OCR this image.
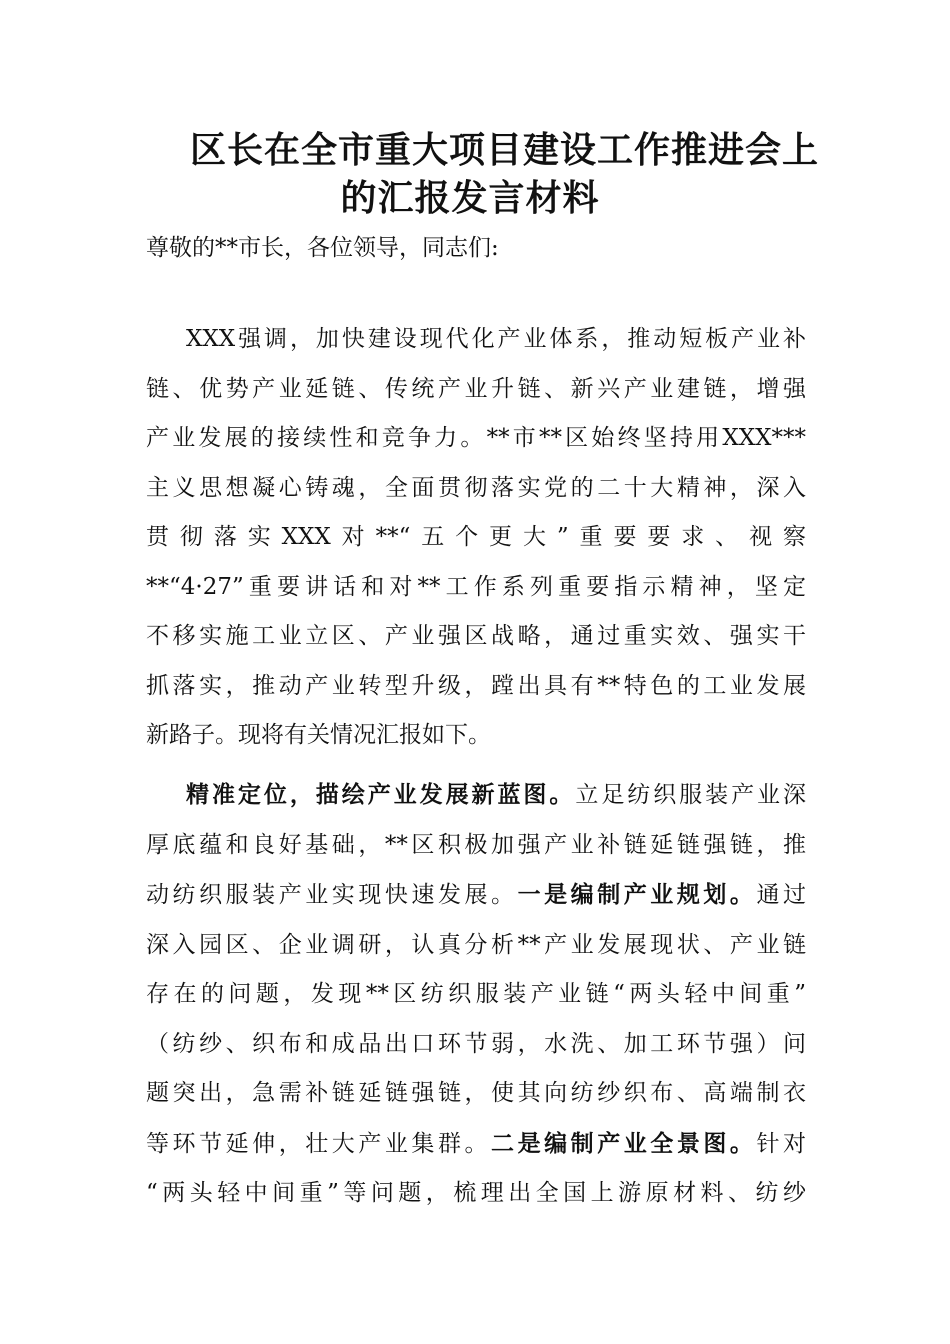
区长在全市重大项目建设工作推进会上
的汇报发言材料
尊敬的**市长，各位领导，同志们:
XXX强调，加快建设现代化产业体系，推动短板产业补
链、优势产业延链、传统产业升链、新兴产业建链，增强
产业发展的接续性和竞争力。**市**区始终坚持用XXX***
主义思想凝心铸魂，全面贯彻落实党的二十大精神，深入
贯彻落实XXX对**“五个更大”重要要求、视察
**“4·27”重要讲话和对**工作系列重要指示精神，坚定
不移实施工业立区、产业强区战略，通过重实效、强实干
抓落实，推动产业转型升级，蹚出具有**特色的工业发展
新路子。现将有关情况汇报如下。
精准定位，描绘产业发展新蓝图。立足纺织服装产业深
厚底蕴和良好基础，**区积极加强产业补链延链强链，推
动纺织服装产业实现快速发展。一是编制产业规划。通过
深入园区、企业调研，认真分析**产业发展现状、产业链
存在的问题，发现**区纺织服装产业链“两头轻中间重”
（纺纱、织布和成品出口环节弱，水洗、加工环节强）问
题突出，急需补链延链强链，使其向纺纱织布、高端制衣
等环节延伸，壮大产业集群。二是编制产业全景图。针对
“两头轻中间重”等问题，梳理出全国上游原材料、纺纱
